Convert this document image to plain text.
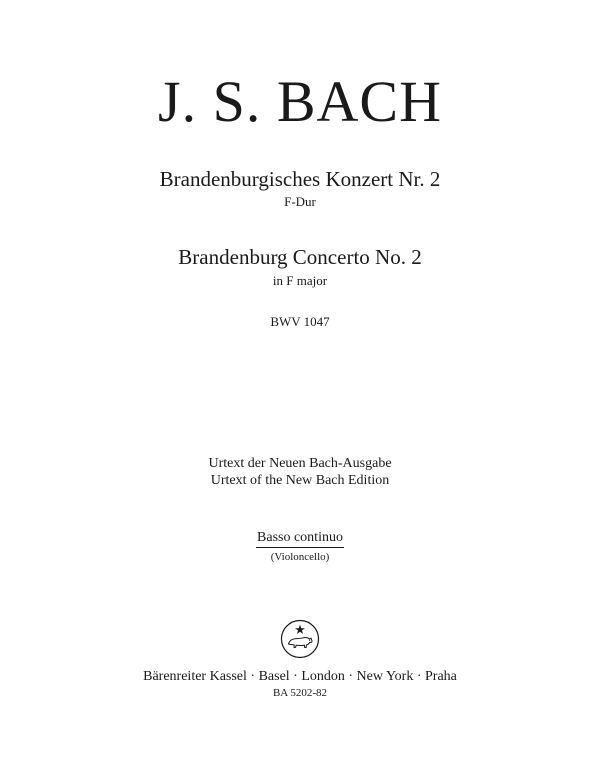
J. S. BACH
Brandenburgisches Konzert Nr. 2
F-Dur
Brandenburg Concerto No. 2
in F major
BWV 1047
Urtext der Neuen Bach-Ausgabe
Urtext of the New Bach Edition
Basso continuo
(Violoncello)
Bärenreiter Kassel · Basel · London · New York · Praha
BA 5202-82
